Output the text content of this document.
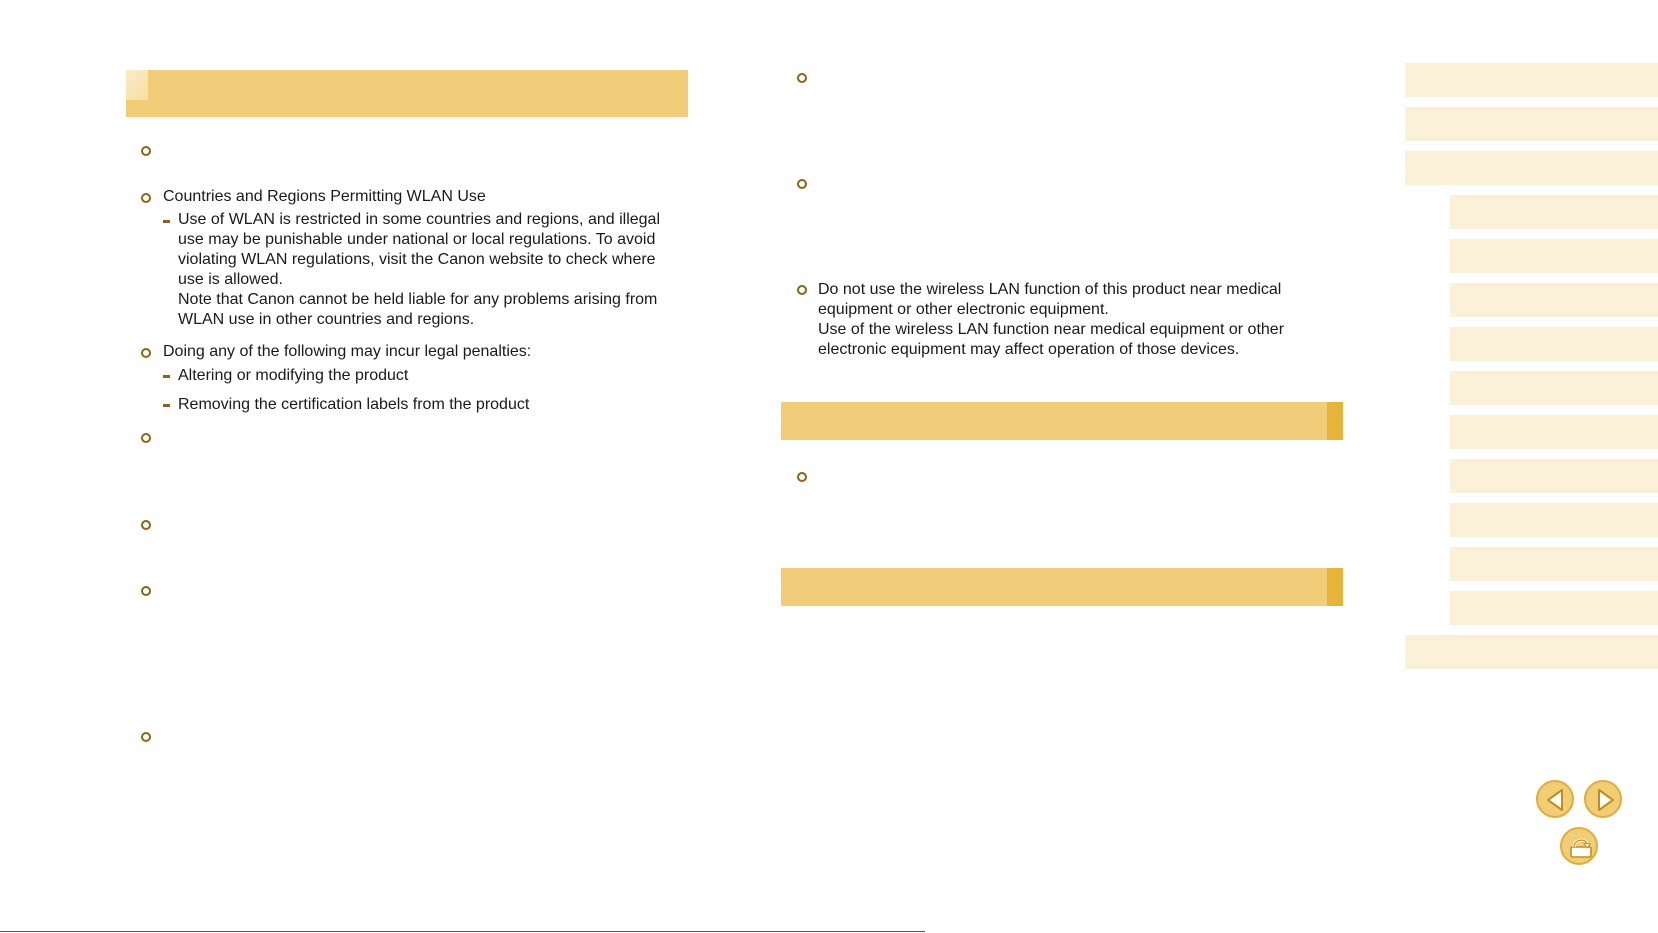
Countries and Regions Permitting WLAN Use
Use of WLAN is restricted in some countries and regions, and illegal
use may be punishable under national or local regulations. To avoid
violating WLAN regulations, visit the Canon website to check where
use is allowed.
Note that Canon cannot be held liable for any problems arising from
WLAN use in other countries and regions.
Doing any of the following may incur legal penalties:
Altering or modifying the product
Removing the certification labels from the product
Do not use the wireless LAN function of this product near medical
equipment or other electronic equipment.
Use of the wireless LAN function near medical equipment or other
electronic equipment may affect operation of those devices.
